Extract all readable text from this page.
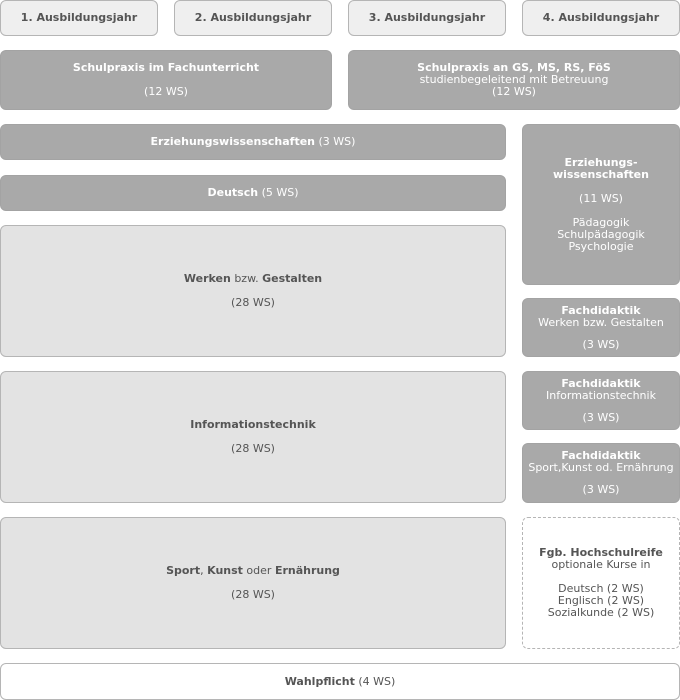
1. Ausbildungsjahr	2. Ausbildungsjahr	3. Ausbildungsjahr	4. Ausbildungsjahr
Schulpraxis im Fachunterricht
(12 WS)
Schulpraxis an GS, MS, RS, FöS
studienbegeleitend mit Betreuung
(12 WS)
Erziehungswissenschaften (3 WS)
Deutsch (5 WS)
Werken bzw. Gestalten
(28 WS)
Informationstechnik
(28 WS)
Sport, Kunst oder Ernährung
(28 WS)
Erziehungs-
wissenschaften
(11 WS)
Pädagogik
Schulpädagogik
Psychologie
Fachdidaktik
Werken bzw. Gestalten
(3 WS)
Fachdidaktik
Informationstechnik
(3 WS)
Fachdidaktik
Sport,Kunst od. Ernährung
(3 WS)
Fgb. Hochschulreife
optionale Kurse in
Deutsch (2 WS)
Englisch (2 WS)
Sozialkunde (2 WS)
Wahlpflicht (4 WS)
